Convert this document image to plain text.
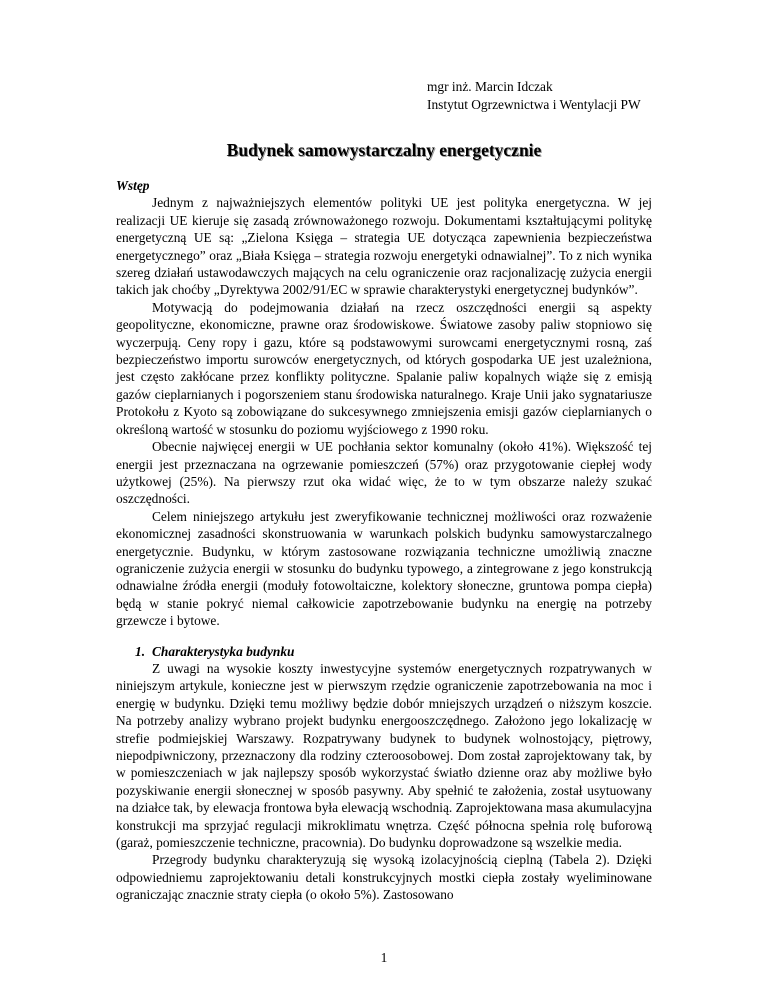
mgr inż. Marcin Idczak
Instytut Ogrzewnictwa i Wentylacji PW
Budynek samowystarczalny energetycznie
Wstęp

Jednym z najważniejszych elementów polityki UE jest polityka energetyczna. W jej realizacji UE kieruje się zasadą zrównoważonego rozwoju. Dokumentami kształtującymi politykę energetyczną UE są: „Zielona Księga – strategia UE dotycząca zapewnienia bezpieczeństwa energetycznego” oraz „Biała Księga – strategia rozwoju energetyki odnawialnej”. To z nich wynika szereg działań ustawodawczych mających na celu ograniczenie oraz racjonalizację zużycia energii takich jak choćby „Dyrektywa 2002/91/EC w sprawie charakterystyki energetycznej budynków”.

Motywacją do podejmowania działań na rzecz oszczędności energii są aspekty geopolityczne, ekonomiczne, prawne oraz środowiskowe. Światowe zasoby paliw stopniowo się wyczerpują. Ceny ropy i gazu, które są podstawowymi surowcami energetycznymi rosną, zaś bezpieczeństwo importu surowców energetycznych, od których gospodarka UE jest uzależniona, jest często zakłócane przez konflikty polityczne. Spalanie paliw kopalnych wiąże się z emisją gazów cieplarnianych i pogorszeniem stanu środowiska naturalnego. Kraje Unii jako sygnatariusze Protokołu z Kyoto są zobowiązane do sukcesywnego zmniejszenia emisji gazów cieplarnianych o określoną wartość w stosunku do poziomu wyjściowego z 1990 roku.

Obecnie najwięcej energii w UE pochłania sektor komunalny (około 41%). Większość tej energii jest przeznaczana na ogrzewanie pomieszczeń (57%) oraz przygotowanie ciepłej wody użytkowej (25%). Na pierwszy rzut oka widać więc, że to w tym obszarze należy szukać oszczędności.

Celem niniejszego artykułu jest zweryfikowanie technicznej możliwości oraz rozważenie ekonomicznej zasadności skonstruowania w warunkach polskich budynku samowystarczalnego energetycznie. Budynku, w którym zastosowane rozwiązania techniczne umożliwią znaczne ograniczenie zużycia energii w stosunku do budynku typowego, a zintegrowane z jego konstrukcją odnawialne źródła energii (moduły fotowoltaiczne, kolektory słoneczne, gruntowa pompa ciepła) będą w stanie pokryć niemal całkowicie zapotrzebowanie budynku na energię na potrzeby grzewcze i bytowe.

1. Charakterystyka budynku

Z uwagi na wysokie koszty inwestycyjne systemów energetycznych rozpatrywanych w niniejszym artykule, konieczne jest w pierwszym rzędzie ograniczenie zapotrzebowania na moc i energię w budynku. Dzięki temu możliwy będzie dobór mniejszych urządzeń o niższym koszcie. Na potrzeby analizy wybrano projekt budynku energooszczędnego. Założono jego lokalizację w strefie podmiejskiej Warszawy. Rozpatrywany budynek to budynek wolnostojący, piętrowy, niepodpiwniczony, przeznaczony dla rodziny czteroosobowej. Dom został zaprojektowany tak, by w pomieszczeniach w jak najlepszy sposób wykorzystać światło dzienne oraz aby możliwe było pozyskiwanie energii słonecznej w sposób pasywny. Aby spełnić te założenia, został usytuowany na działce tak, by elewacja frontowa była elewacją wschodnią. Zaprojektowana masa akumulacyjna konstrukcji ma sprzyjać regulacji mikroklimatu wnętrza. Część północna spełnia rolę buforową (garaż, pomieszczenie techniczne, pracownia). Do budynku doprowadzone są wszelkie media.

Przegrody budynku charakteryzują się wysoką izolacyjnością cieplną (Tabela 2). Dzięki odpowiedniemu zaprojektowaniu detali konstrukcyjnych mostki ciepła zostały wyeliminowane ograniczając znacznie straty ciepła (o około 5%). Zastosowano

1
